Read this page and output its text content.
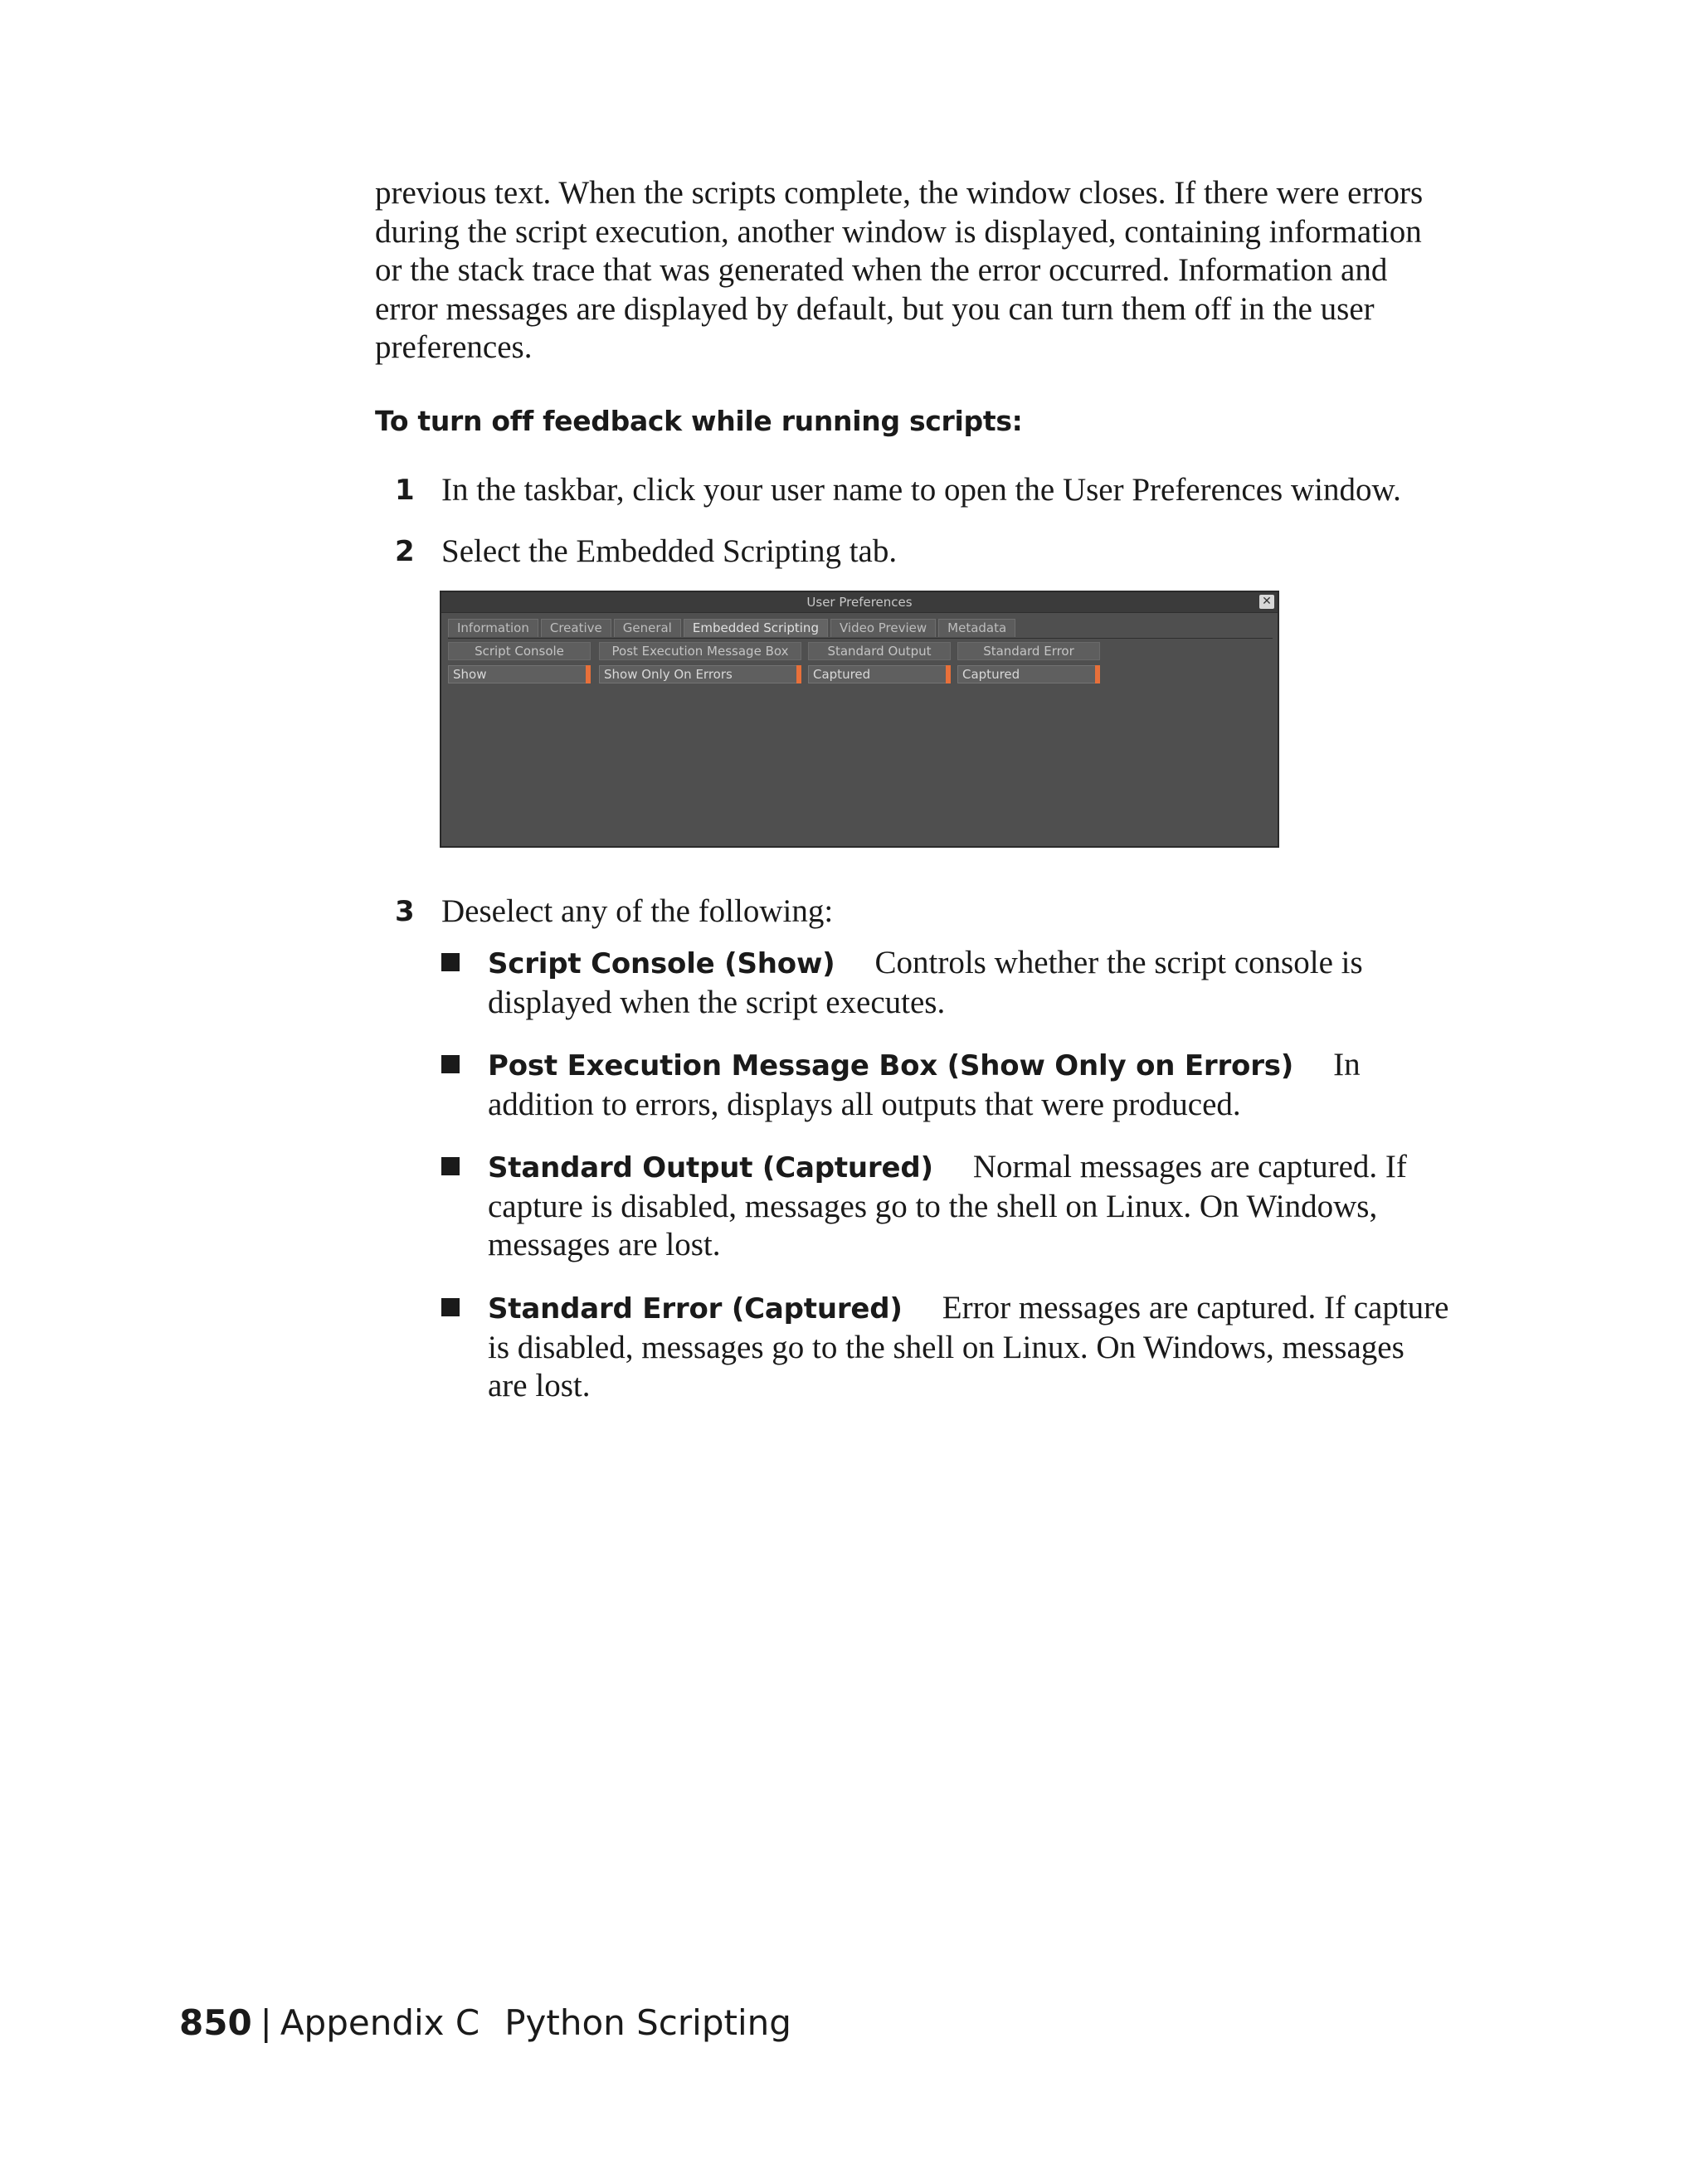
previous text. When the scripts complete, the window closes. If there were errors during the script execution, another window is displayed, containing information or the stack trace that was generated when the error occurred. Information and error messages are displayed by default, but you can turn them off in the user preferences.

To turn off feedback while running scripts:
1 In the taskbar, click your user name to open the User Preferences window.
2 Select the Embedded Scripting tab.
User Preferences	✕
Information	Creative	General	Embedded Scripting	Video Preview	Metadata
Script Console	Post Execution Message Box	Standard Output	Standard Error
Show	Show Only On Errors	Captured	Captured
3 Deselect any of the following:
Script Console (Show) Controls whether the script console is displayed when the script executes.
Post Execution Message Box (Show Only on Errors) In addition to errors, displays all outputs that were produced.
Standard Output (Captured) Normal messages are captured. If capture is disabled, messages go to the shell on Linux. On Windows, messages are lost.
Standard Error (Captured) Error messages are captured. If capture is disabled, messages go to the shell on Linux. On Windows, messages are lost.

850 | Appendix C Python Scripting
